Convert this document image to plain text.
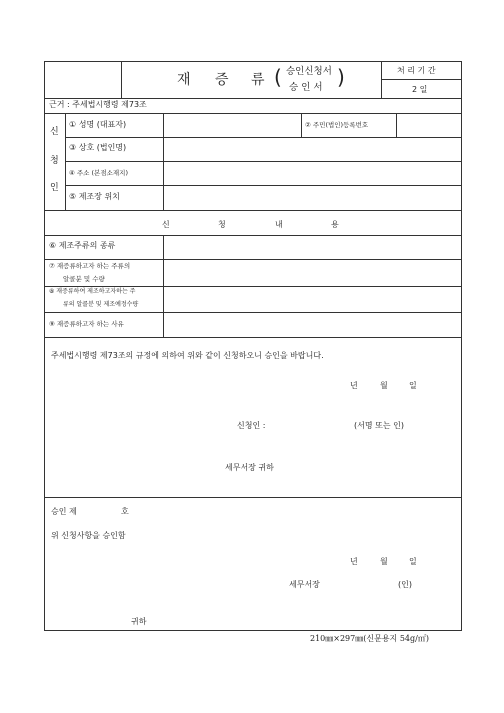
재 증 류 ( 승인신청서
승 인 서 )	처 리 기 간
2 일
근거 : 주세법시행령 제73조
신
청
인
① 성명 (대표자)	② 주민(법인)등록번호
③ 상호 (법인명)
④ 주소 (본점소재지)
⑤ 제조장 위치
신	청	내	용
⑥ 제조주류의 종류
⑦ 재증류하고자 하는 주류의
알콜분 및 수량
⑧ 재증류하여 제조하고자하는 주
류의 알콜분 및 제조예정수량
⑨ 재증류하고자 하는 사유
주세법시행령 제73조의 규정에 의하여 위와 같이 신청하오니 승인을 바랍니다.
년	월	일
신청인 :	(서명 또는 인)
세무서장 귀하
승인 제	호
위 신청사항을 승인함
년	월	일
세무서장	(인)
귀하
210㎜×297㎜(신문용지 54g/㎡)
